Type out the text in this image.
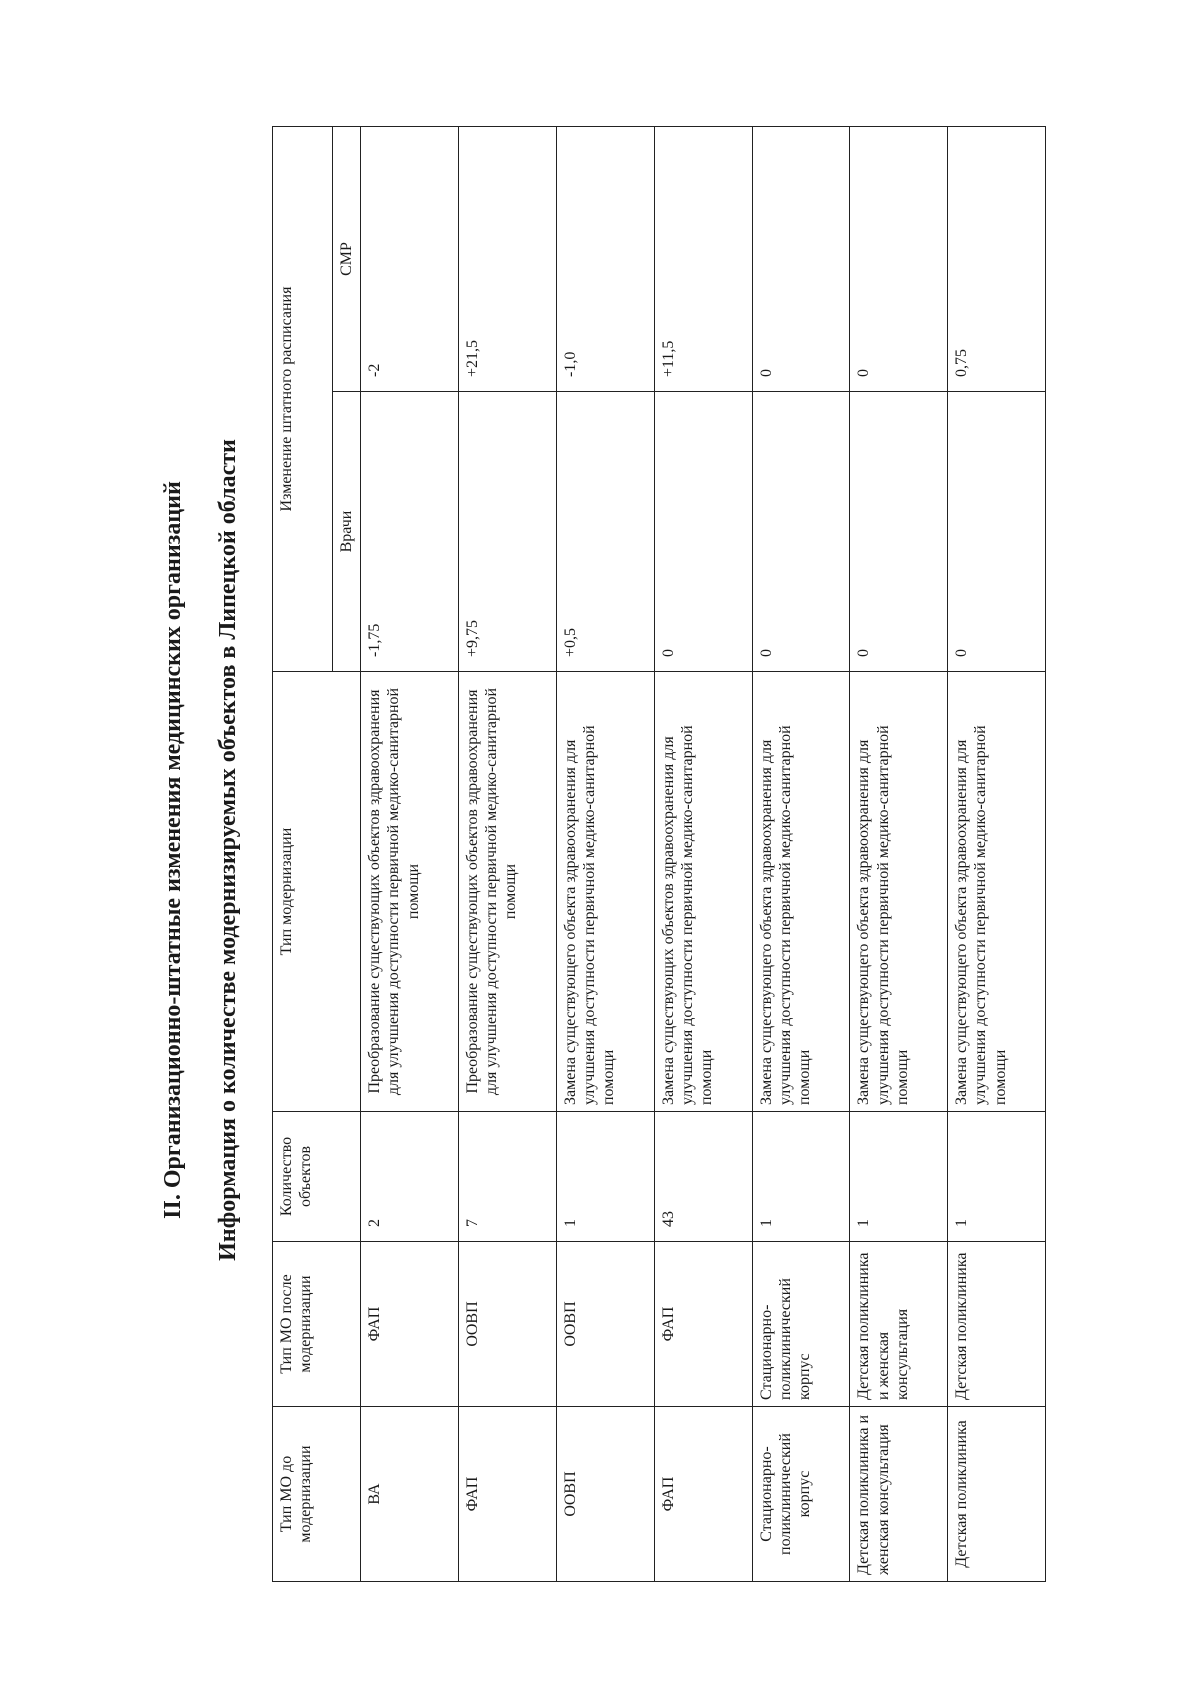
II. Организационно-штатные изменения медицинских организаций Информация о количестве модернизируемых объектов в Липецкой области
Тип МО до модернизации	Тип МО после модернизации	Количество объектов	Тип модернизации	Изменение штатного расписания	
				Врачи	СМР
ВА	ФАП	2	Преобразование существующих объектов здравоохранения для улучшения доступности первичной медико-санитарной помощи	-1,75	-2
ФАП	ООВП	7	Преобразование существующих объектов здравоохранения для улучшения доступности первичной медико-санитарной помощи	+9,75	+21,5
ООВП	ООВП	1	Замена существующего объекта здравоохранения для улучшения доступности первичной медико-санитарной помощи	+0,5	-1,0
ФАП	ФАП	43	Замена существующих объектов здравоохранения для улучшения доступности первичной медико-санитарной помощи	0	+11,5
Стационарно-поликлинический корпус	Стационарно-поликлинический корпус	1	Замена существующего объекта здравоохранения для улучшения доступности первичной медико-санитарной помощи	0	0
Детская поликлиника и женская консультация	Детская поликлиника и женская консультация	1	Замена существующего объекта здравоохранения для улучшения доступности первичной медико-санитарной помощи	0	0
Детская поликлиника	Детская поликлиника	1	Замена существующего объекта здравоохранения для улучшения доступности первичной медико-санитарной помощи	0	0,75
